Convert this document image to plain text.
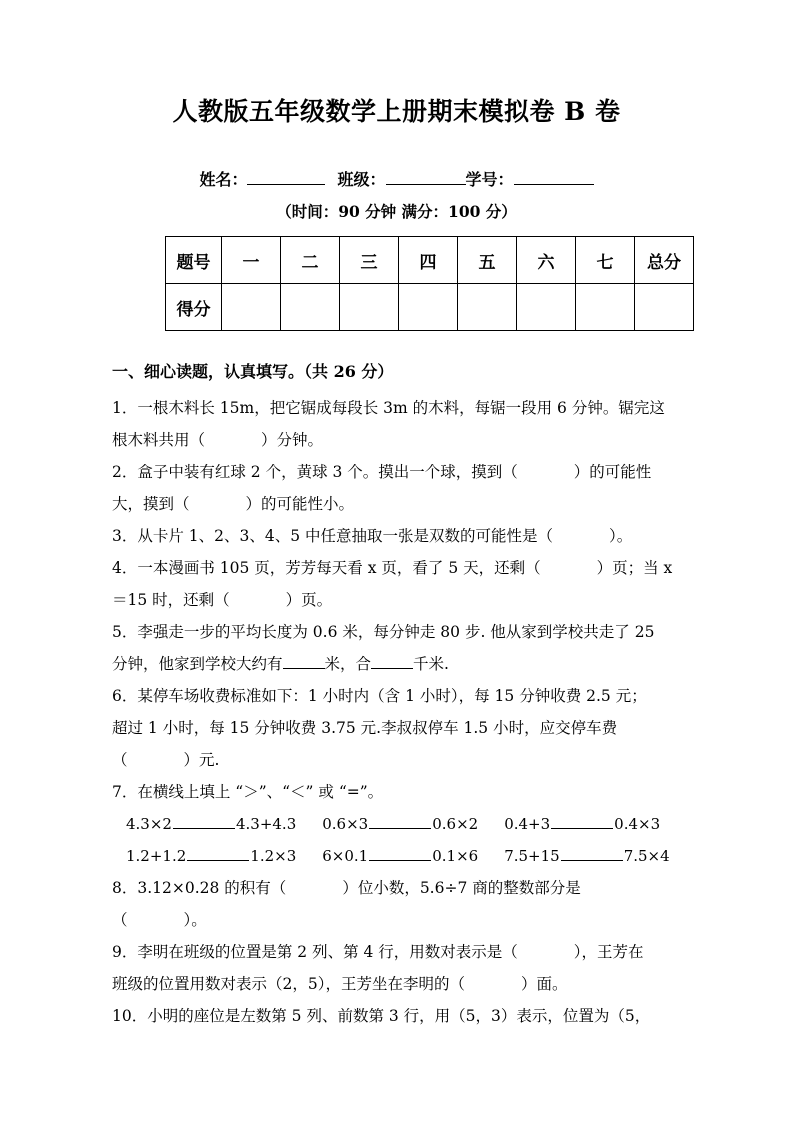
人教版五年级数学上册期末模拟卷 B 卷
姓名：	班级：	学号：
（时间：90 分钟 满分：100 分）
题号	一	二	三	四	五	六	七	总分
得分								
一、细心读题，认真填写。（共 26 分）

1．一根木料长 15m，把它锯成每段长 3m 的木料，每锯一段用 6 分钟。锯完这

根木料共用（	）分钟。

2．盒子中装有红球 2 个，黄球 3 个。摸出一个球，摸到（	）的可能性

大，摸到（	）的可能性小。

3．从卡片 1、2、3、4、5 中任意抽取一张是双数的可能性是（	）。

4．一本漫画书 105 页，芳芳每天看 x 页，看了 5 天，还剩（	）页；当 x

＝15 时，还剩（	）页。

5．李强走一步的平均长度为 0.6 米，每分钟走 80 步. 他从家到学校共走了 25

分钟，他家到学校大约有	米，合	千米.

6．某停车场收费标准如下：1 小时内（含 1 小时），每 15 分钟收费 2.5 元；

超过 1 小时，每 15 分钟收费 3.75 元.李叔叔停车 1.5 小时，应交停车费

（	）元.

7．在横线上填上 “＞”、“＜” 或 “=”。

4.3×2	4.3+4.3 0.6×3	0.6×2 0.4+3	0.4×3

1.2+1.2	1.2×3 6×0.1	0.1×6 7.5+15	7.5×4

8．3.12×0.28 的积有（	）位小数，5.6÷7 商的整数部分是

（	）。

9．李明在班级的位置是第 2 列、第 4 行，用数对表示是（	），王芳在

班级的位置用数对表示（2，5），王芳坐在李明的（	）面。

10．小明的座位是左数第 5 列、前数第 3 行，用（5，3）表示，位置为（5，
